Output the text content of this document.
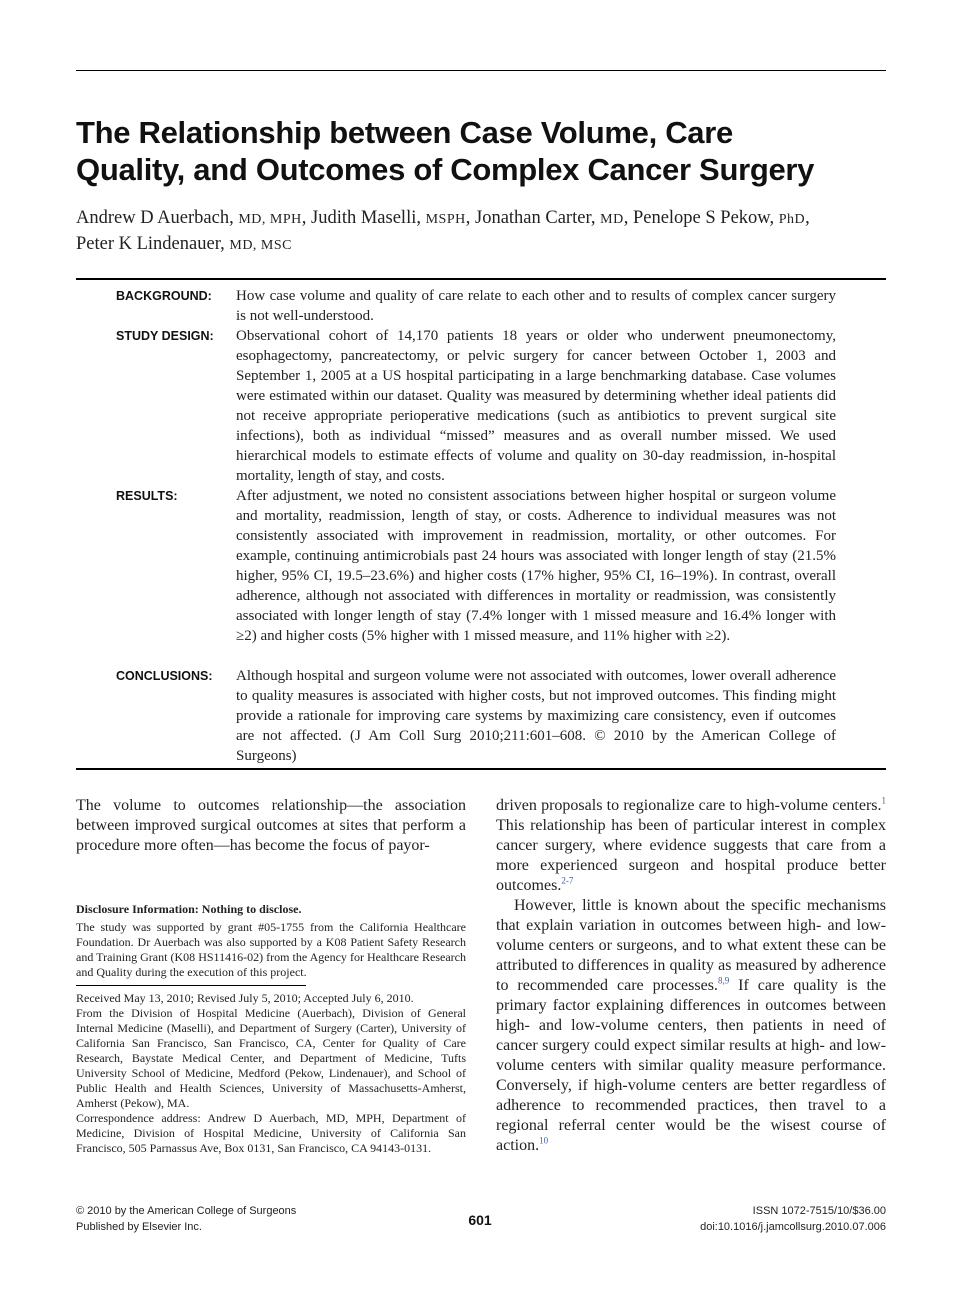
The Relationship between Case Volume, Care
Quality, and Outcomes of Complex Cancer Surgery
Andrew D Auerbach, MD, MPH, Judith Maselli, MSPH, Jonathan Carter, MD, Penelope S Pekow, PhD,
Peter K Lindenauer, MD, MSC
BACKGROUND:	How case volume and quality of care relate to each other and to results of complex cancer surgery is not well-understood.

STUDY DESIGN:	Observational cohort of 14,170 patients 18 years or older who underwent pneumonectomy, esophagectomy, pancreatectomy, or pelvic surgery for cancer between October 1, 2003 and September 1, 2005 at a US hospital participating in a large benchmarking database. Case volumes were estimated within our dataset. Quality was measured by determining whether ideal patients did not receive appropriate perioperative medications (such as antibiotics to prevent surgical site infections), both as individual “missed” measures and as overall number missed. We used hierarchical models to estimate effects of volume and quality on 30-day readmission, in-hospital mortality, length of stay, and costs.

RESULTS:	After adjustment, we noted no consistent associations between higher hospital or surgeon volume and mortality, readmission, length of stay, or costs. Adherence to individual measures was not consistently associated with improvement in readmission, mortality, or other outcomes. For example, continuing antimicrobials past 24 hours was associated with longer length of stay (21.5% higher, 95% CI, 19.5–23.6%) and higher costs (17% higher, 95% CI, 16–19%). In contrast, overall adherence, although not associated with differences in mortality or readmission, was consistently associated with longer length of stay (7.4% longer with 1 missed measure and 16.4% longer with ≥2) and higher costs (5% higher with 1 missed measure, and 11% higher with ≥2).

CONCLUSIONS:	Although hospital and surgeon volume were not associated with outcomes, lower overall adherence to quality measures is associated with higher costs, but not improved outcomes. This finding might provide a rationale for improving care systems by maximizing care consistency, even if outcomes are not affected. (J Am Coll Surg 2010;211:601–608. © 2010 by the American College of Surgeons)

The volume to outcomes relationship—the association between improved surgical outcomes at sites that perform a procedure more often—has become the focus of payor-

Disclosure Information: Nothing to disclose.

The study was supported by grant #05-1755 from the California Healthcare Foundation. Dr Auerbach was also supported by a K08 Patient Safety Research and Training Grant (K08 HS11416-02) from the Agency for Healthcare Research and Quality during the execution of this project.

Received May 13, 2010; Revised July 5, 2010; Accepted July 6, 2010.

From the Division of Hospital Medicine (Auerbach), Division of General Internal Medicine (Maselli), and Department of Surgery (Carter), University of California San Francisco, San Francisco, CA, Center for Quality of Care Research, Baystate Medical Center, and Department of Medicine, Tufts University School of Medicine, Medford (Pekow, Lindenauer), and School of Public Health and Health Sciences, University of Massachusetts-Amherst, Amherst (Pekow), MA.

Correspondence address: Andrew D Auerbach, MD, MPH, Department of Medicine, Division of Hospital Medicine, University of California San Francisco, 505 Parnassus Ave, Box 0131, San Francisco, CA 94143-0131.

driven proposals to regionalize care to high-volume centers.$^1$ This relationship has been of particular interest in complex cancer surgery, where evidence suggests that care from a more experienced surgeon and hospital produce better outcomes.$^{2-7}$

However, little is known about the specific mechanisms that explain variation in outcomes between high- and low-volume centers or surgeons, and to what extent these can be attributed to differences in quality as measured by adherence to recommended care processes.$^{8,9}$ If care quality is the primary factor explaining differences in outcomes between high- and low-volume centers, then patients in need of cancer surgery could expect similar results at high- and low-volume centers with similar quality measure performance. Conversely, if high-volume centers are better regardless of adherence to recommended practices, then travel to a regional referral center would be the wisest course of action.$^{10}$

© 2010 by the American College of Surgeons
Published by Elsevier Inc.	601
ISSN 1072-7515/10/$36.00
doi:10.1016/j.jamcollsurg.2010.07.006
